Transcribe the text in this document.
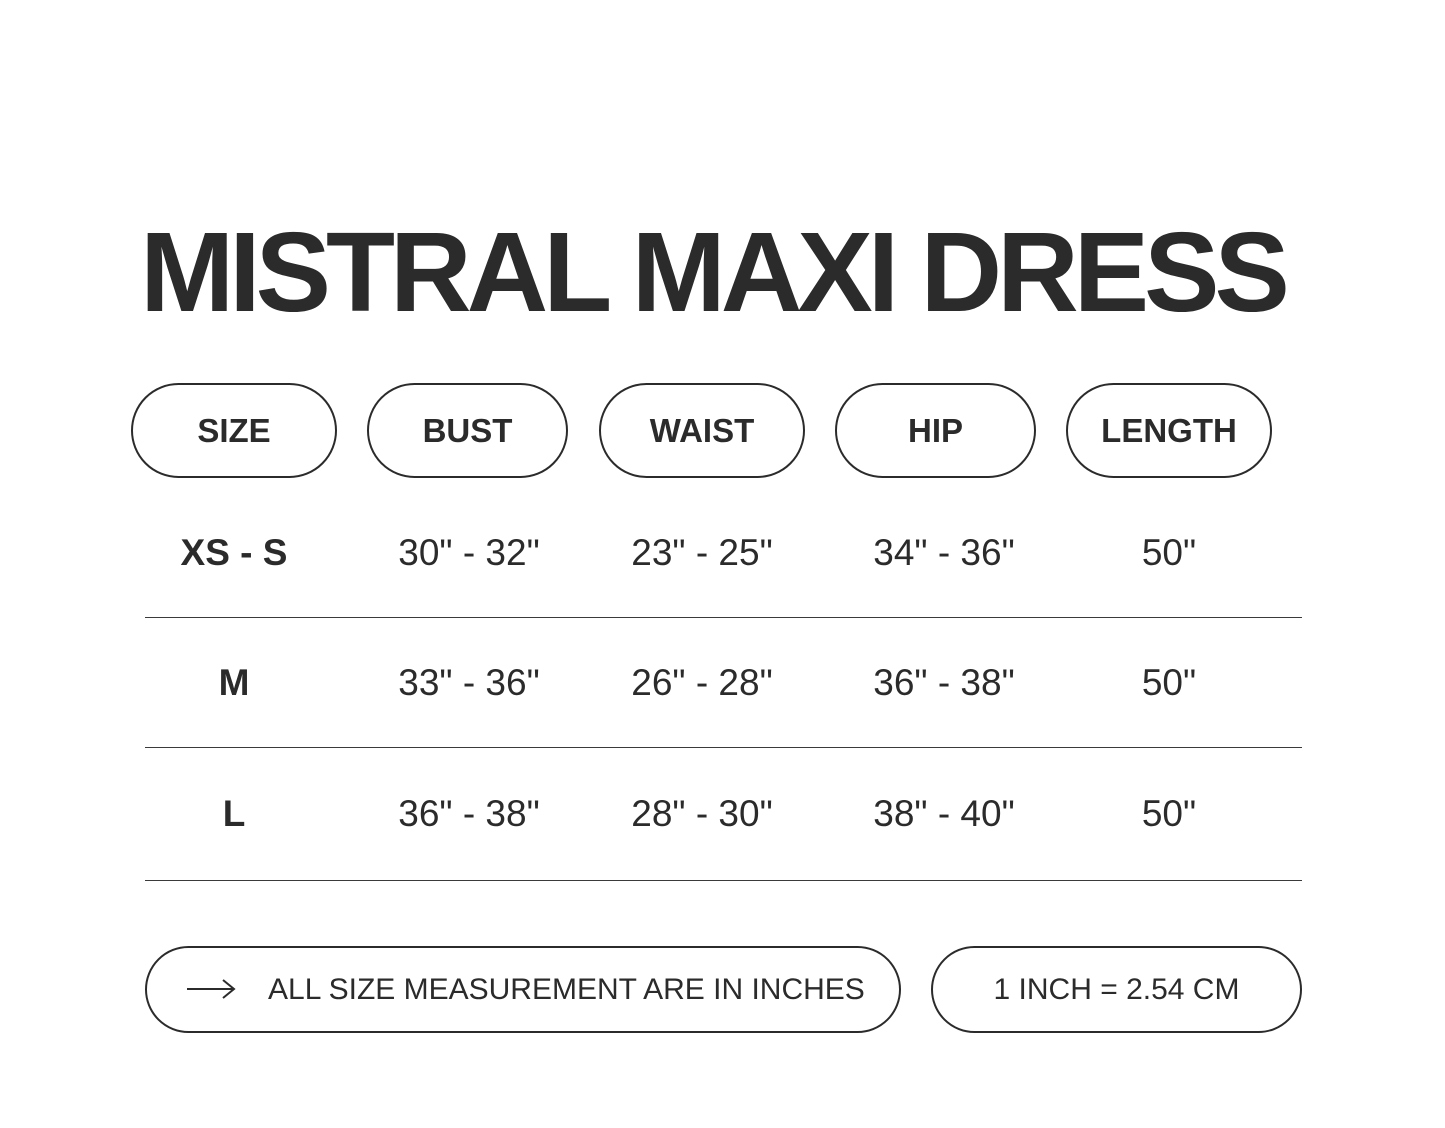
MISTRAL MAXI DRESS
SIZE	BUST	WAIST	HIP	LENGTH
XS - S	30" - 32"	23" - 25"	34" - 36"	50"
M	33" - 36"	26" - 28"	36" - 38"	50"
L	36" - 38"	28" - 30"	38" - 40"	50"
ALL SIZE MEASUREMENT ARE IN INCHES	1 INCH = 2.54 CM
